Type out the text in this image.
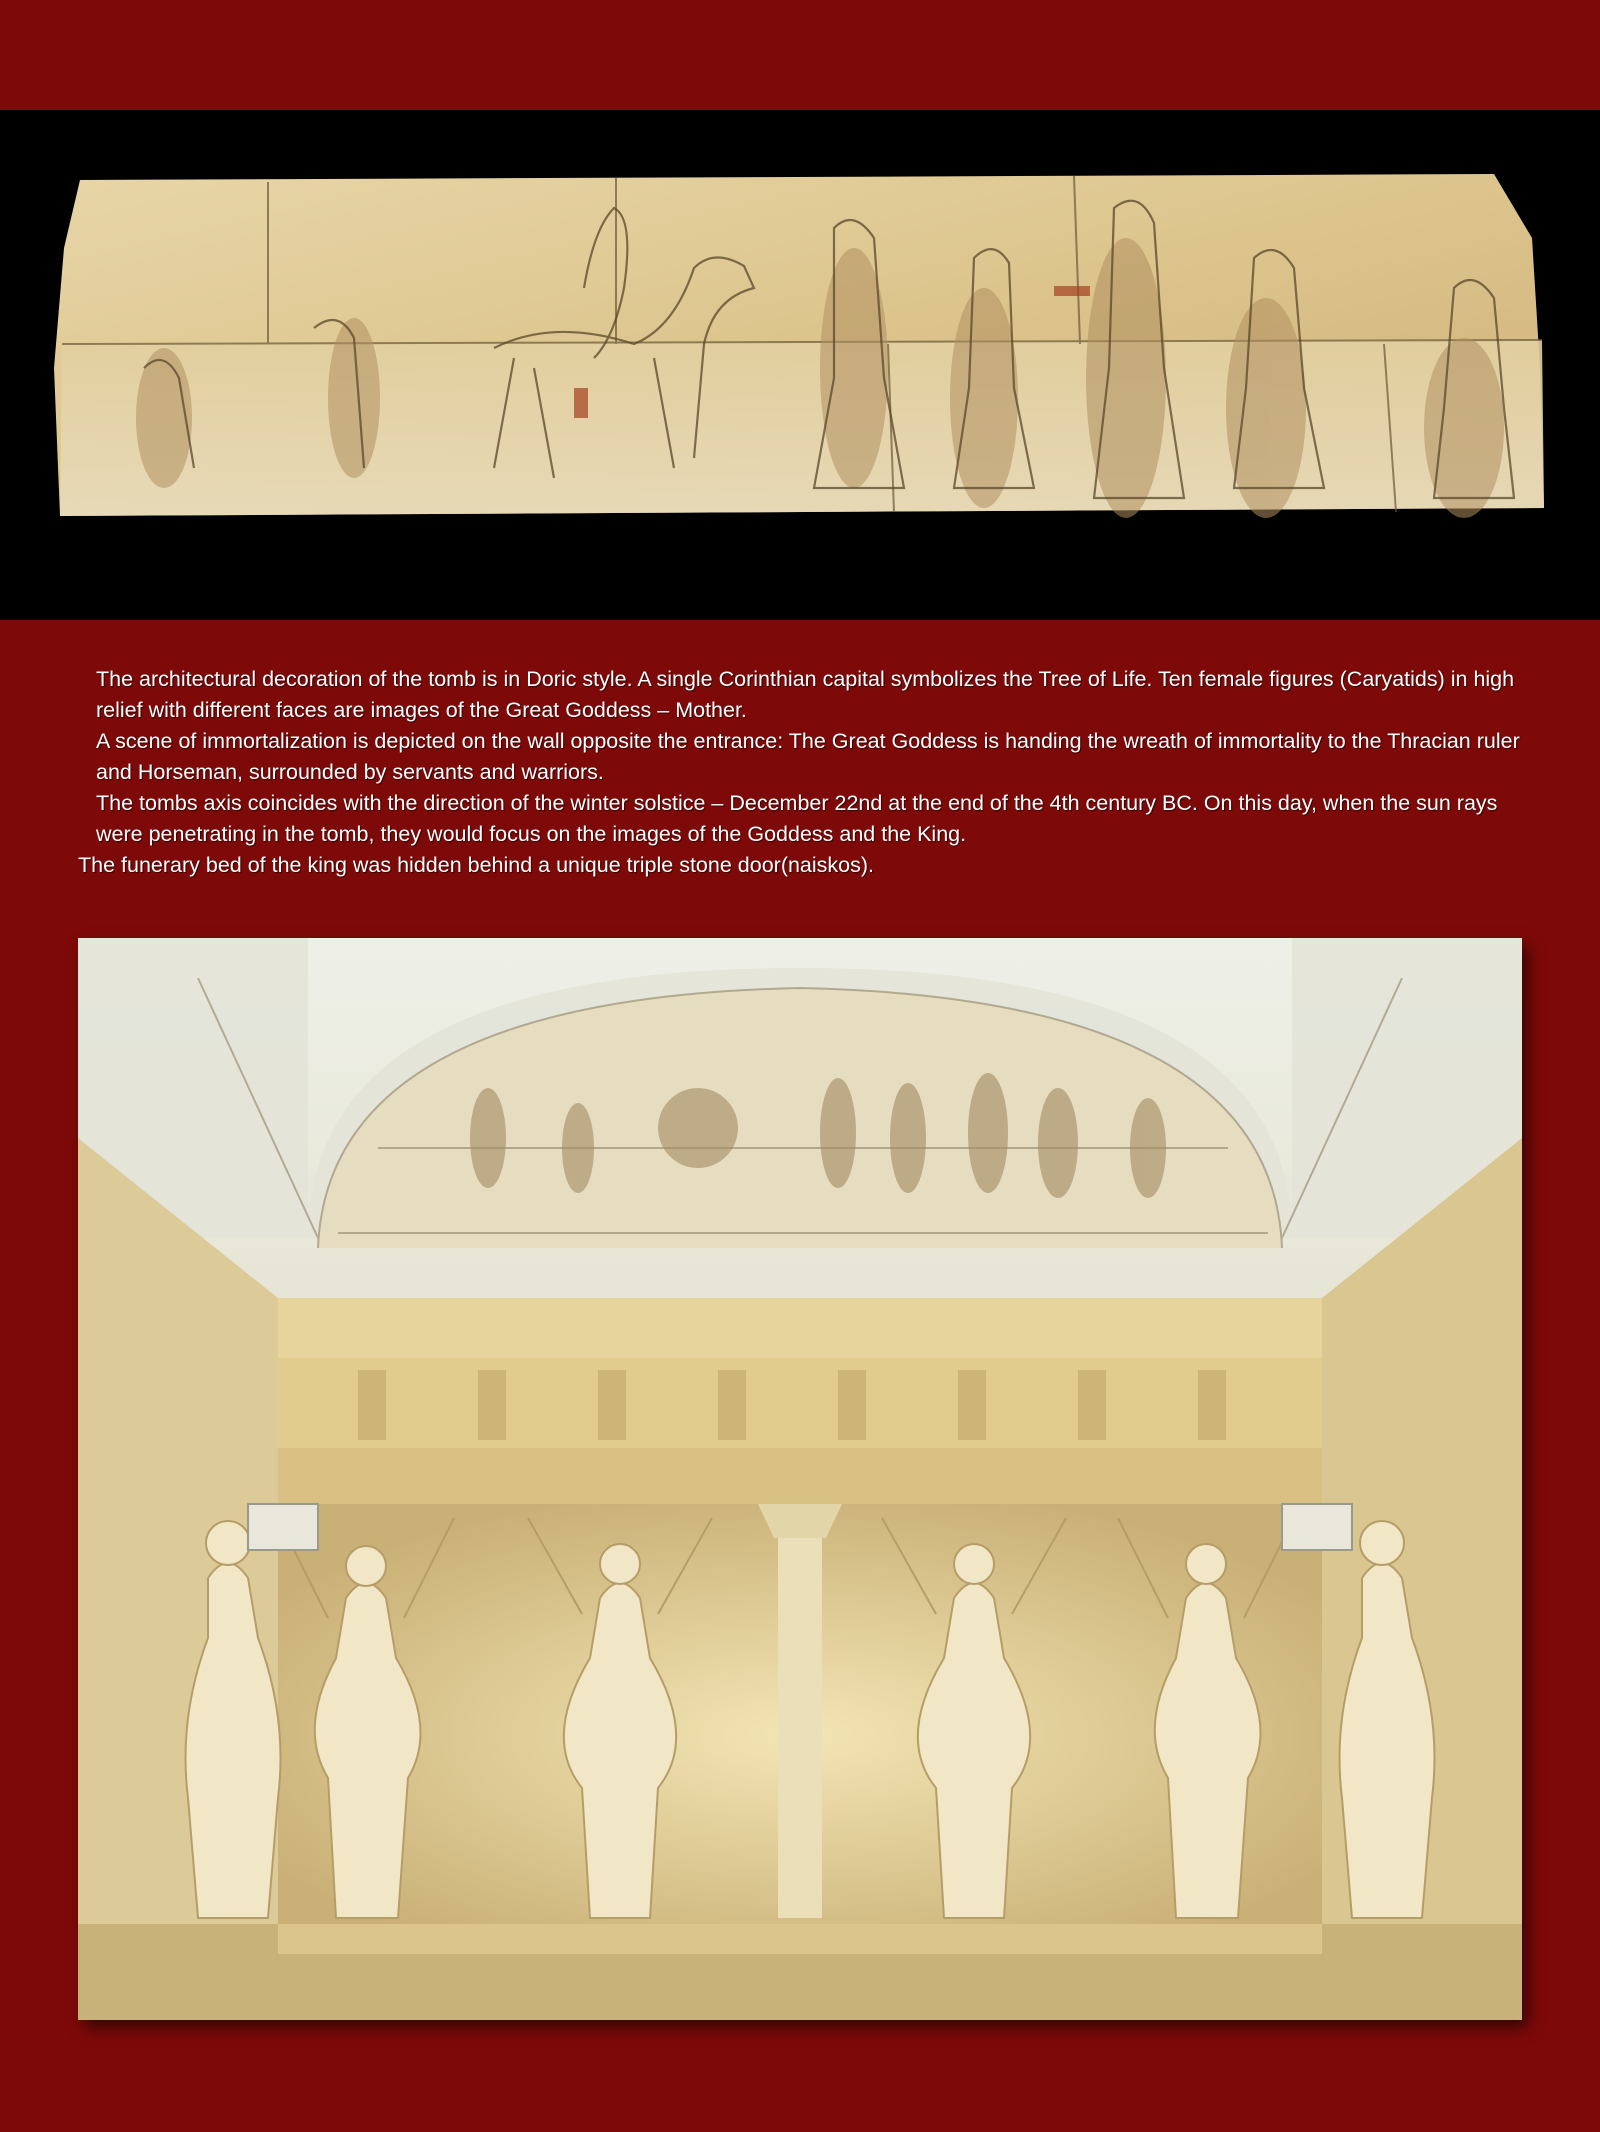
The architectural decoration of the tomb is in Doric style. A single Corinthian capital symbolizes the Tree of Life. Ten female figures (Caryatids) in high relief with different faces are images of the Great Goddess – Mother.

A scene of immortalization is depicted on the wall opposite the entrance: The Great Goddess is handing the wreath of immortality to the Thracian ruler and Horseman, surrounded by servants and warriors.

The tombs axis coincides with the direction of the winter solstice – December 22nd at the end of the 4th century BC. On this day, when the sun rays were penetrating in the tomb, they would focus on the images of the Goddess and the King.

The funerary bed of the king was hidden behind a unique triple stone door(naiskos).
